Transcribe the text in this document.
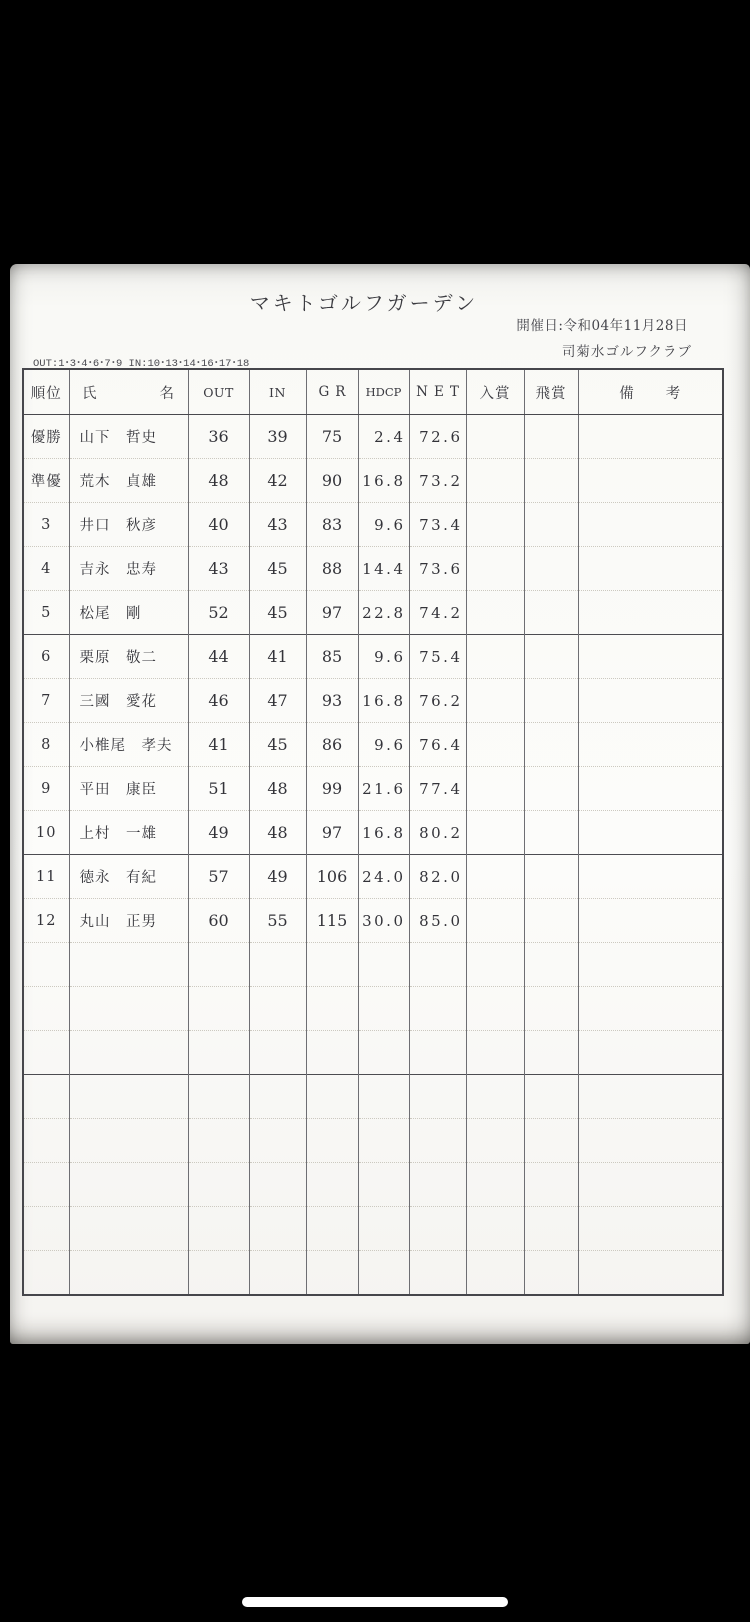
マキトゴルフガーデン
開催日:令和04年11月28日
司菊水ゴルフクラブ
OUT:1･3･4･6･7･9 IN:10･13･14･16･17･18
順位	氏　　　　名	OUT	IN	GR	HDCP	NET	入賞	飛賞	備　　考
優勝	山下　哲史	36	39	75	2.4	72.6			
準優	荒木　貞雄	48	42	90	16.8	73.2			
3	井口　秋彦	40	43	83	9.6	73.4			
4	吉永　忠寿	43	45	88	14.4	73.6			
5	松尾　剛	52	45	97	22.8	74.2			
6	栗原　敬二	44	41	85	9.6	75.4			
7	三國　愛花	46	47	93	16.8	76.2			
8	小椎尾　孝夫	41	45	86	9.6	76.4			
9	平田　康臣	51	48	99	21.6	77.4			
10	上村　一雄	49	48	97	16.8	80.2			
11	徳永　有紀	57	49	106	24.0	82.0			
12	丸山　正男	60	55	115	30.0	85.0			
